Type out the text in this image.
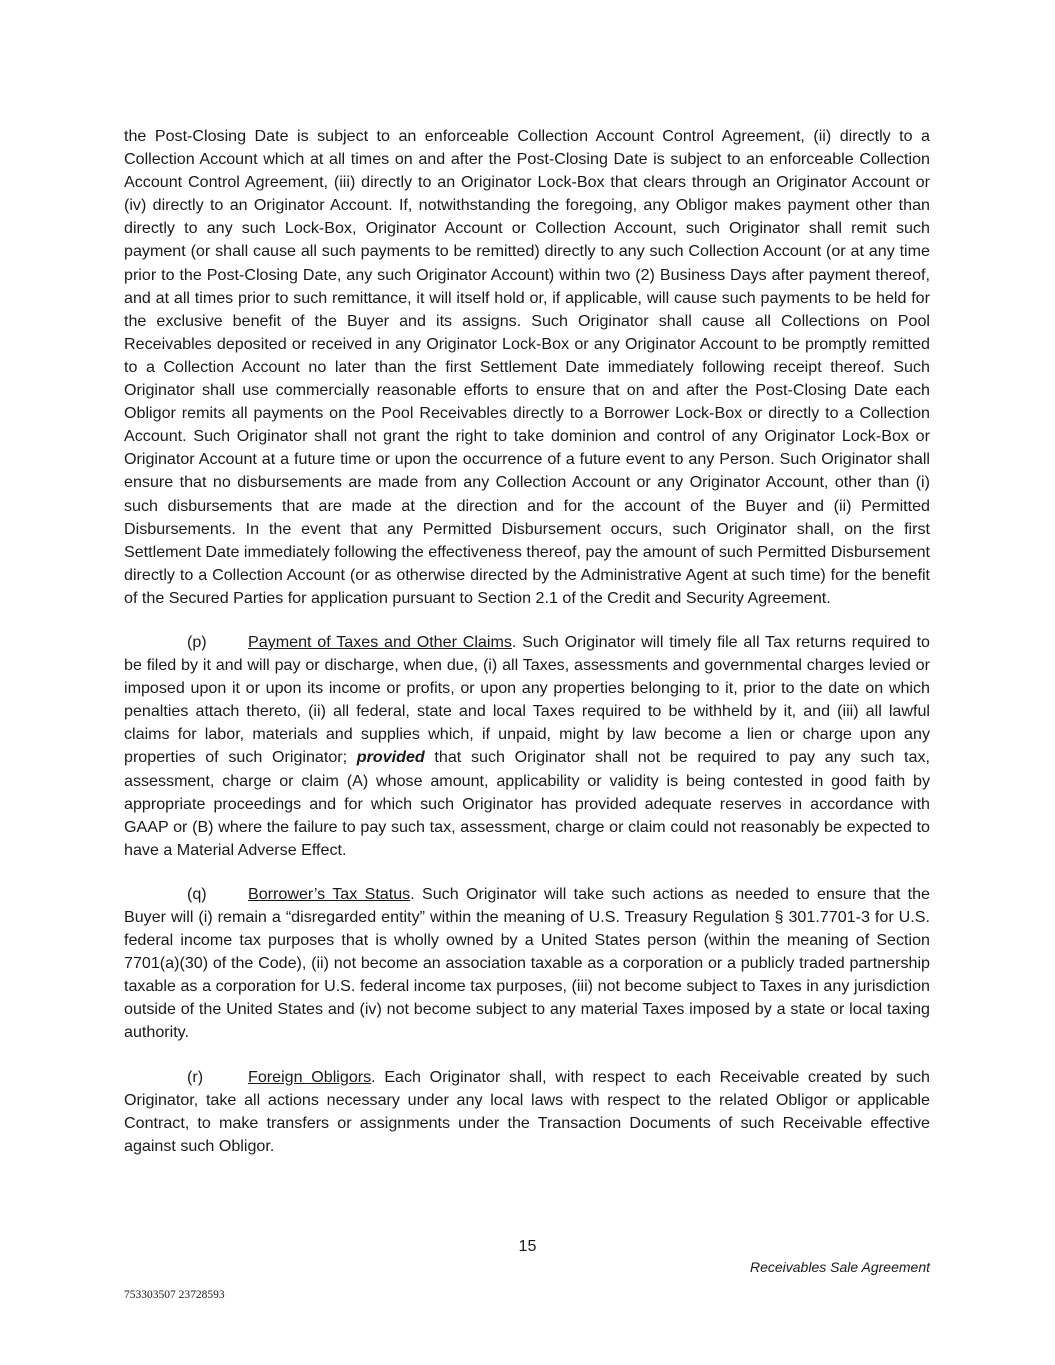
the Post-Closing Date is subject to an enforceable Collection Account Control Agreement, (ii) directly to a Collection Account which at all times on and after the Post-Closing Date is subject to an enforceable Collection Account Control Agreement, (iii) directly to an Originator Lock-Box that clears through an Originator Account or (iv) directly to an Originator Account. If, notwithstanding the foregoing, any Obligor makes payment other than directly to any such Lock-Box, Originator Account or Collection Account, such Originator shall remit such payment (or shall cause all such payments to be remitted) directly to any such Collection Account (or at any time prior to the Post-Closing Date, any such Originator Account) within two (2) Business Days after payment thereof, and at all times prior to such remittance, it will itself hold or, if applicable, will cause such payments to be held for the exclusive benefit of the Buyer and its assigns. Such Originator shall cause all Collections on Pool Receivables deposited or received in any Originator Lock-Box or any Originator Account to be promptly remitted to a Collection Account no later than the first Settlement Date immediately following receipt thereof. Such Originator shall use commercially reasonable efforts to ensure that on and after the Post-Closing Date each Obligor remits all payments on the Pool Receivables directly to a Borrower Lock-Box or directly to a Collection Account. Such Originator shall not grant the right to take dominion and control of any Originator Lock-Box or Originator Account at a future time or upon the occurrence of a future event to any Person. Such Originator shall ensure that no disbursements are made from any Collection Account or any Originator Account, other than (i) such disbursements that are made at the direction and for the account of the Buyer and (ii) Permitted Disbursements. In the event that any Permitted Disbursement occurs, such Originator shall, on the first Settlement Date immediately following the effectiveness thereof, pay the amount of such Permitted Disbursement directly to a Collection Account (or as otherwise directed by the Administrative Agent at such time) for the benefit of the Secured Parties for application pursuant to Section 2.1 of the Credit and Security Agreement.

(p)	Payment of Taxes and Other Claims. Such Originator will timely file all Tax returns required to be filed by it and will pay or discharge, when due, (i) all Taxes, assessments and governmental charges levied or imposed upon it or upon its income or profits, or upon any properties belonging to it, prior to the date on which penalties attach thereto, (ii) all federal, state and local Taxes required to be withheld by it, and (iii) all lawful claims for labor, materials and supplies which, if unpaid, might by law become a lien or charge upon any properties of such Originator; provided that such Originator shall not be required to pay any such tax, assessment, charge or claim (A) whose amount, applicability or validity is being contested in good faith by appropriate proceedings and for which such Originator has provided adequate reserves in accordance with GAAP or (B) where the failure to pay such tax, assessment, charge or claim could not reasonably be expected to have a Material Adverse Effect.

(q)	Borrower’s Tax Status. Such Originator will take such actions as needed to ensure that the Buyer will (i) remain a “disregarded entity” within the meaning of U.S. Treasury Regulation § 301.7701-3 for U.S. federal income tax purposes that is wholly owned by a United States person (within the meaning of Section 7701(a)(30) of the Code), (ii) not become an association taxable as a corporation or a publicly traded partnership taxable as a corporation for U.S. federal income tax purposes, (iii) not become subject to Taxes in any jurisdiction outside of the United States and (iv) not become subject to any material Taxes imposed by a state or local taxing authority.

(r)	Foreign Obligors. Each Originator shall, with respect to each Receivable created by such Originator, take all actions necessary under any local laws with respect to the related Obligor or applicable Contract, to make transfers or assignments under the Transaction Documents of such Receivable effective against such Obligor.

15
Receivables Sale Agreement
753303507 23728593
